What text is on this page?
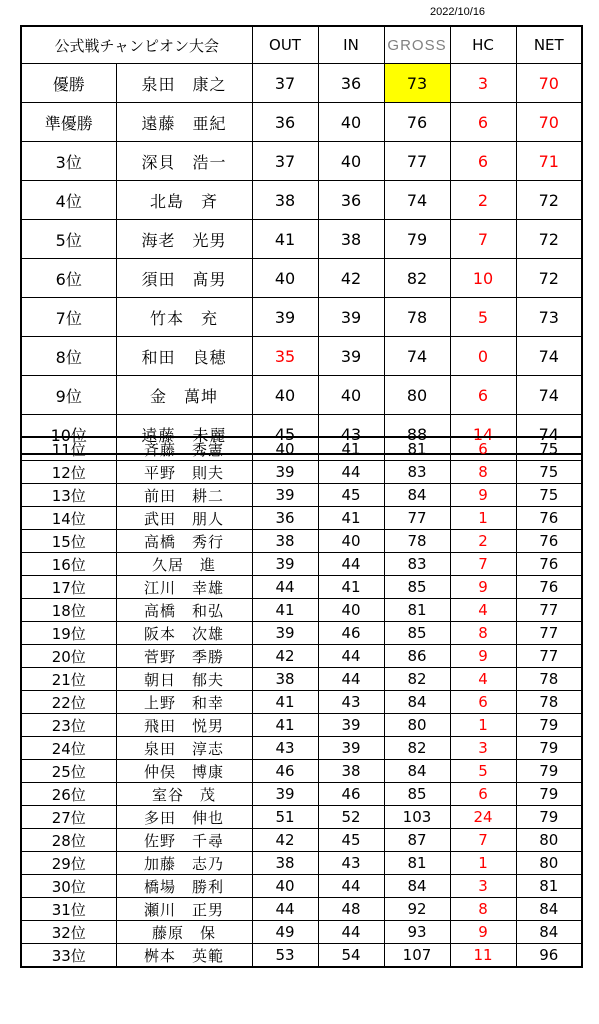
2022/10/16
公式戦チャンピオン大会		OUT	IN	GROSS	HC	NET
優勝	泉田　康之	37	36	73	3	70
準優勝	遠藤　亜紀	36	40	76	6	70
3位	深貝　浩一	37	40	77	6	71
4位	北島　斉	38	36	74	2	72
5位	海老　光男	41	38	79	7	72
6位	須田　髙男	40	42	82	10	72
7位	竹本　充	39	39	78	5	73
8位	和田　良穂	35	39	74	0	74
9位	金　萬坤	40	40	80	6	74
10位	遠藤　未麗	45	43	88	14	74
11位	斉藤　秀憲	40	41	81	6	75
12位	平野　則夫	39	44	83	8	75
13位	前田　耕二	39	45	84	9	75
14位	武田　朋人	36	41	77	1	76
15位	高橋　秀行	38	40	78	2	76
16位	久居　進	39	44	83	7	76
17位	江川　幸雄	44	41	85	9	76
18位	高橋　和弘	41	40	81	4	77
19位	阪本　次雄	39	46	85	8	77
20位	菅野　季勝	42	44	86	9	77
21位	朝日　郁夫	38	44	82	4	78
22位	上野　和幸	41	43	84	6	78
23位	飛田　悦男	41	39	80	1	79
24位	泉田　淳志	43	39	82	3	79
25位	仲俣　博康	46	38	84	5	79
26位	室谷　茂	39	46	85	6	79
27位	多田　伸也	51	52	103	24	79
28位	佐野　千尋	42	45	87	7	80
29位	加藤　志乃	38	43	81	1	80
30位	橋場　勝利	40	44	84	3	81
31位	瀬川　正男	44	48	92	8	84
32位	藤原　保	49	44	93	9	84
33位	桝本　英範	53	54	107	11	96
